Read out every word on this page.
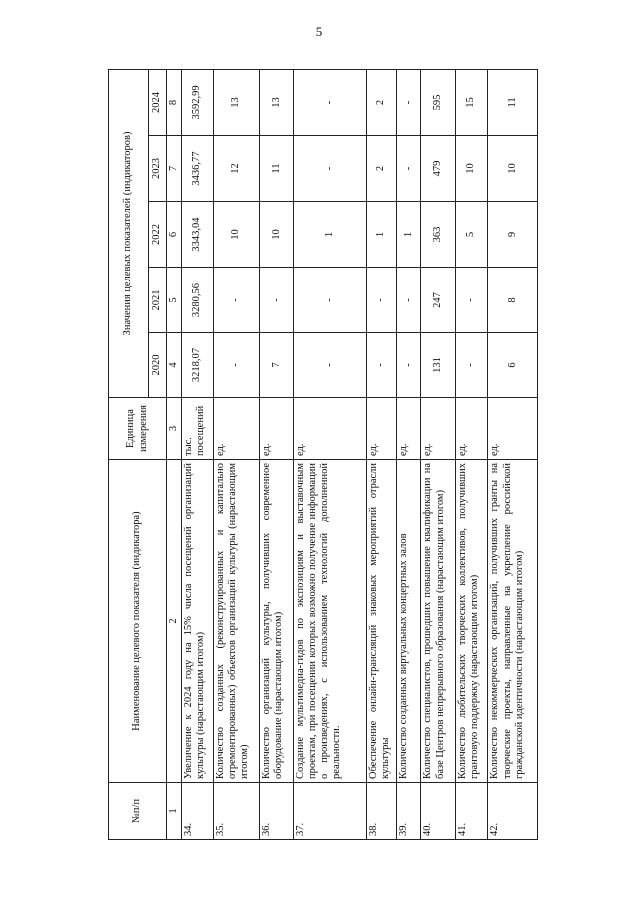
5
№п/п	Наименование целевого показателя (индикатора)	Единица измерения	Значения целевых показателей (индикаторов)				
			2020	2021	2022	2023	2024
1	2	3	4	5	6	7	8
34.	Увеличение к 2024 году на 15% числа посещений организаций культуры (нарастающим итогом)	тыс. посещений	3218,07	3280,56	3343,04	3436,77	3592,99
35.	Количество созданных (реконструированных и капитально отремонтированных) объектов организаций культуры (нарастающим итогом)	ед.	-	-	10	12	13
36.	Количество организаций культуры, получивших современное оборудование (нарастающим итогом)	ед.	7	-	10	11	13
37.	Создание мультимедиа-гидов по экспозициям и выставочным проектам, при посещении которых возможно получение информации о произведениях, с использованием технологий дополненной реальности.	ед.	-	-	1	-	-
38.	Обеспечение онлайн-трансляций знаковых мероприятий отрасли культуры	ед.	-	-	1	2	2
39.	Количество созданных виртуальных концертных залов	ед.	-	-	1	-	-
40.	Количество специалистов, прошедших повышение квалификации на базе Центров непрерывного образования (нарастающим итогом)	ед.	131	247	363	479	595
41.	Количество любительских творческих коллективов, получивших грантовую поддержку (нарастающим итогом)	ед.	-	-	5	10	15
42.	Количество некоммерческих организаций, получивших гранты на творческие проекты, направленные на укрепление российской гражданской идентичности (нарастающим итогом)	ед.	6	8	9	10	11
